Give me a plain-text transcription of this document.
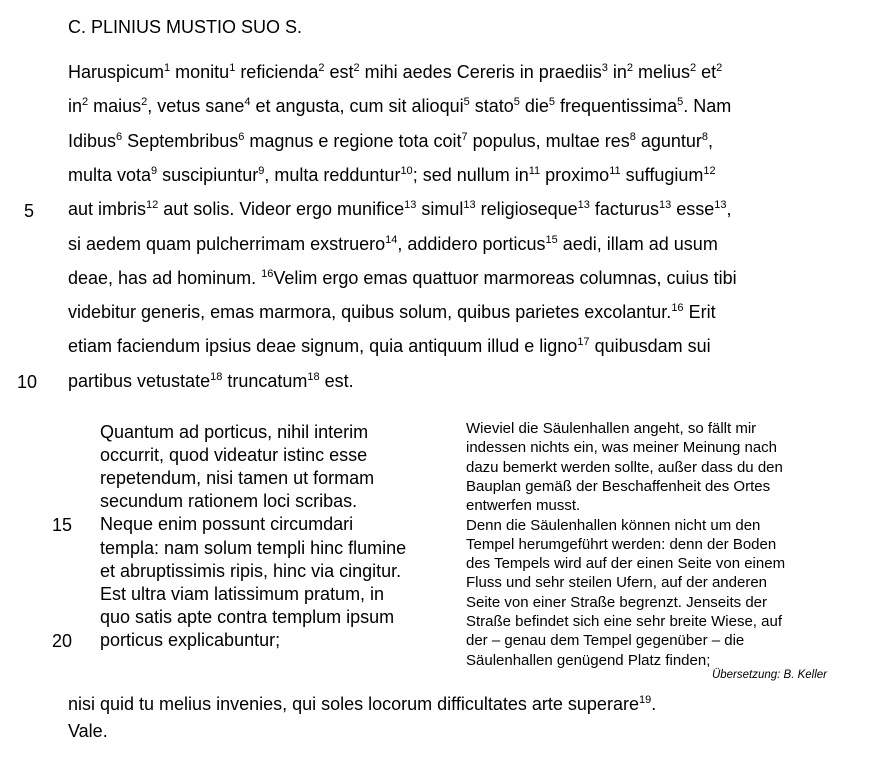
C. PLINIUS MUSTIO SUO S.
Haruspicum$^1$ monitu$^1$ reficienda$^2$ est$^2$ mihi aedes Cereris in praediis$^3$ $in^2$ melius$^2$ $et^2$
$in^2$ maius$^2$, vetus sane$^4$ et angusta, cum sit alioqui$^5$ stato$^5$ die$^5$ frequentissima$^5$. Nam
Idibus$^6$ Septembribus$^6$ magnus e regione tota coit$^7$ populus, multae res$^8$ aguntur$^8$,
multa vota$^9$ suscipiuntur$^9$, multa redduntur$^{10}$; sed nullum $in^{11}$ proximo$^{11}$ suffugium$^{12}$
aut imbris$^{12}$ aut solis. Videor ergo munifice$^{13}$ simul$^{13}$ religioseque$^{13}$ facturus$^{13}$ esse$^{13}$,
si aedem quam pulcherrimam exstruero$^{14}$, addidero porticus$^{15}$ aedi, illam ad usum
deae, has ad hominum. $^{16}$Velim ergo emas quattuor marmoreas columnas, cuius tibi
videbitur generis, emas marmora, quibus solum, quibus parietes excolantur.$^{16}$ Erit
etiam faciendum ipsius deae signum, quia antiquum illud e ligno$^{17}$ quibusdam sui
partibus vetustate$^{18}$ truncatum$^{18}$ est.
5
10
15
20
Quantum ad porticus, nihil interim
occurrit, quod videatur istinc esse
repetendum, nisi tamen ut formam
secundum rationem loci scribas.
Neque enim possunt circumdari
templa: nam solum templi hinc flumine
et abruptissimis ripis, hinc via cingitur.
Est ultra viam latissimum pratum, in
quo satis apte contra templum ipsum
porticus explicabuntur;
Wieviel die Säulenhallen angeht, so fällt mir
indessen nichts ein, was meiner Meinung nach
dazu bemerkt werden sollte, außer dass du den
Bauplan gemäß der Beschaffenheit des Ortes
entwerfen musst.
Denn die Säulenhallen können nicht um den
Tempel herumgeführt werden: denn der Boden
des Tempels wird auf der einen Seite von einem
Fluss und sehr steilen Ufern, auf der anderen
Seite von einer Straße begrenzt. Jenseits der
Straße befindet sich eine sehr breite Wiese, auf
der – genau dem Tempel gegenüber – die
Säulenhallen genügend Platz finden;
Übersetzung: B. Keller
nisi quid tu melius invenies, qui soles locorum difficultates arte superare$^{19}$.
Vale.
